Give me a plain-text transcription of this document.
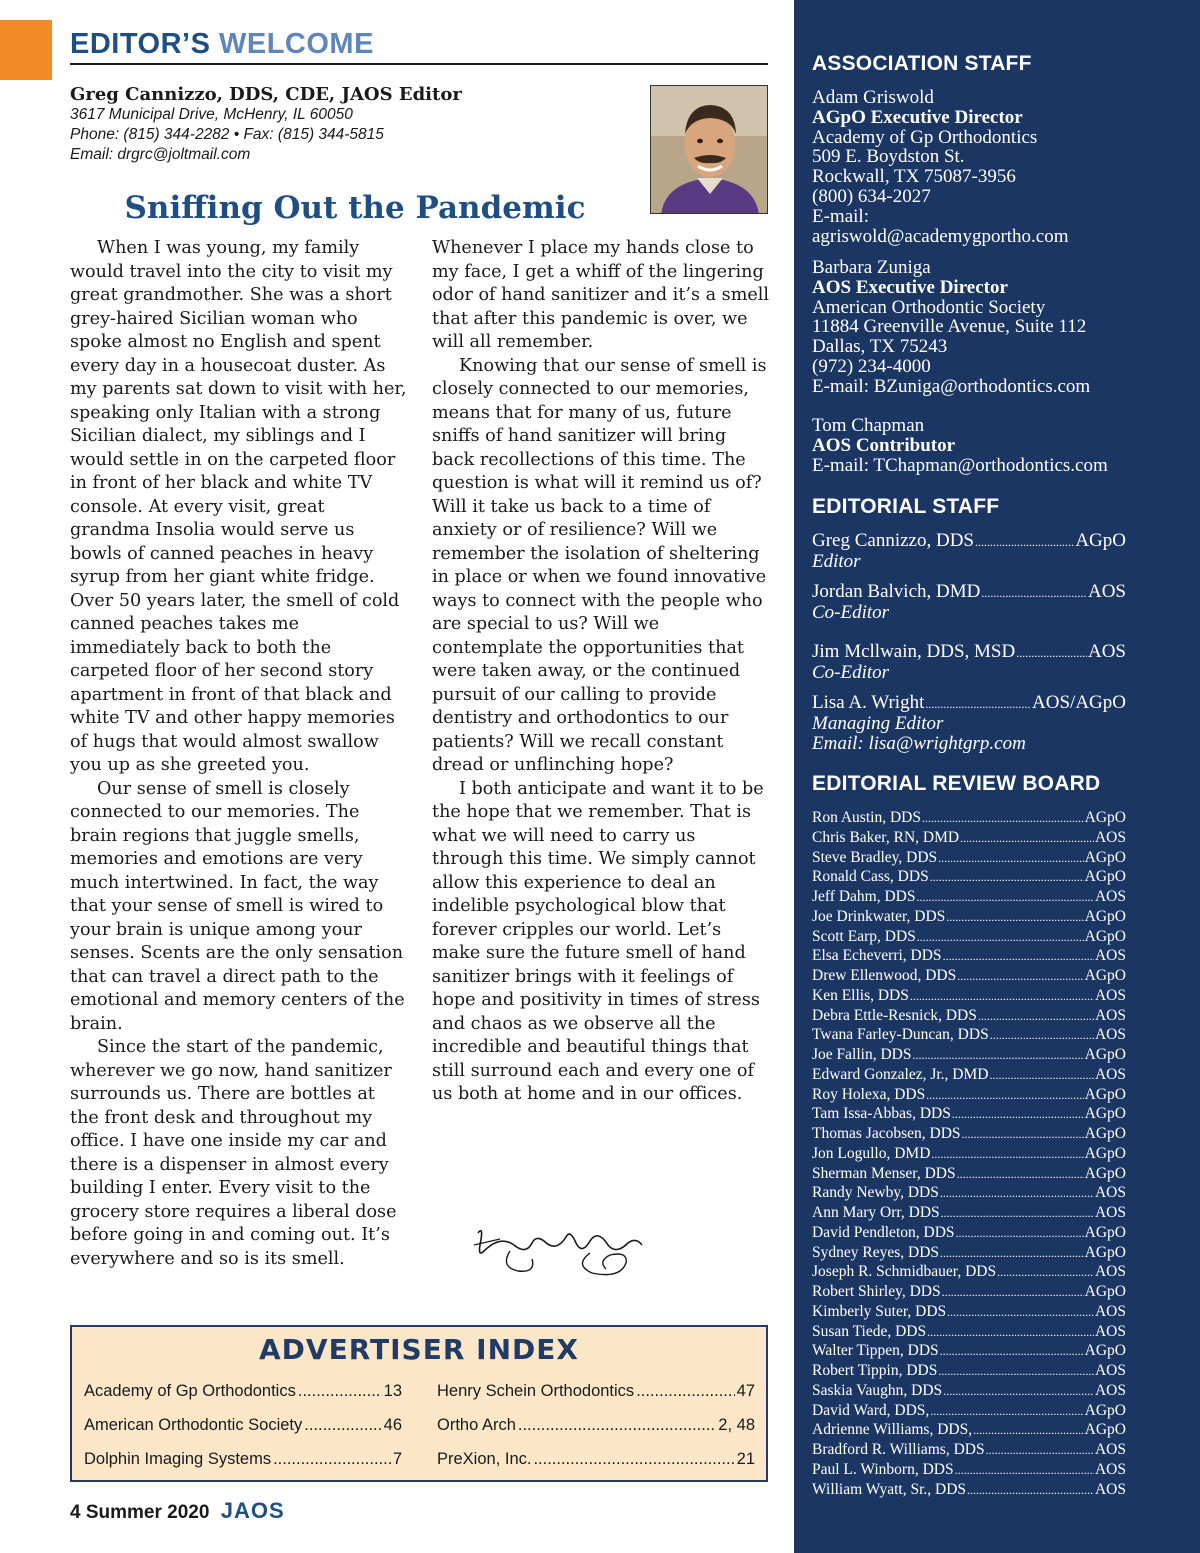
EDITOR’S WELCOME
Greg Cannizzo, DDS, CDE, JAOS Editor
3617 Municipal Drive, McHenry, IL 60050
Phone: (815) 344-2282 • Fax: (815) 344-5815
Email: drgrc@joltmail.com
Sniffing Out the Pandemic

When I was young, my family would travel into the city to visit my great grandmother. She was a short grey-haired Sicilian woman who spoke almost no English and spent every day in a housecoat duster. As my parents sat down to visit with her, speaking only Italian with a strong Sicilian dialect, my siblings and I would settle in on the carpeted floor in front of her black and white TV console. At every visit, great grandma Insolia would serve us bowls of canned peaches in heavy syrup from her giant white fridge. Over 50 years later, the smell of cold canned peaches takes me immediately back to both the carpeted floor of her second story apartment in front of that black and white TV and other happy memories of hugs that would almost swallow you up as she greeted you.

Our sense of smell is closely connected to our memories. The brain regions that juggle smells, memories and emotions are very much intertwined. In fact, the way that your sense of smell is wired to your brain is unique among your senses. Scents are the only sensation that can travel a direct path to the emotional and memory centers of the brain.

Since the start of the pandemic, wherever we go now, hand sanitizer surrounds us. There are bottles at the front desk and throughout my office. I have one inside my car and there is a dispenser in almost every building I enter. Every visit to the grocery store requires a liberal dose before going in and coming out. It’s everywhere and so is its smell.

Whenever I place my hands close to my face, I get a whiff of the lingering odor of hand sanitizer and it’s a smell that after this pandemic is over, we will all remember.

Knowing that our sense of smell is closely connected to our memories, means that for many of us, future sniffs of hand sanitizer will bring back recollections of this time. The question is what will it remind us of? Will it take us back to a time of anxiety or of resilience? Will we remember the isolation of sheltering in place or when we found innovative ways to connect with the people who are special to us? Will we contemplate the opportunities that were taken away, or the continued pursuit of our calling to provide dentistry and orthodontics to our patients? Will we recall constant dread or unflinching hope?

I both anticipate and want it to be the hope that we remember. That is what we will need to carry us through this time. We simply cannot allow this experience to deal an indelible psychological blow that forever cripples our world. Let’s make sure the future smell of hand sanitizer brings with it feelings of hope and positivity in times of stress and chaos as we observe all the incredible and beautiful things that still surround each and every one of us both at home and in our offices.

ADVERTISER INDEX
Academy of Gp Orthodontics .....	13
American Orthodontic Society .....	46
Dolphin Imaging Systems .....	7
Henry Schein Orthodontics .....	47
Ortho Arch .....	2, 48
PreXion, Inc. .....	21
4 Summer 2020 JAOS
ASSOCIATION STAFF
Adam Griswold
AGpO Executive Director
Academy of Gp Orthodontics
509 E. Boydston St.
Rockwall, TX 75087-3956
(800) 634-2027
E-mail:
agriswold@academygportho.com
Barbara Zuniga
AOS Executive Director
American Orthodontic Society
11884 Greenville Avenue, Suite 112
Dallas, TX 75243
(972) 234-4000
E-mail: BZuniga@orthodontics.com
Tom Chapman
AOS Contributor
E-mail: TChapman@orthodontics.com
EDITORIAL STAFF
Greg Cannizzo, DDS .....	AGpO
Editor
Jordan Balvich, DMD .....	AOS
Co-Editor
Jim Mcllwain, DDS, MSD .....	AOS
Co-Editor
Lisa A. Wright .....	AOS/AGpO
Managing Editor
Email: lisa@wrightgrp.com
EDITORIAL REVIEW BOARD
Ron Austin, DDS .....	AGpO
Chris Baker, RN, DMD .....	AOS
Steve Bradley, DDS .....	AGpO
Ronald Cass, DDS .....	AGpO
Jeff Dahm, DDS .....	AOS
Joe Drinkwater, DDS .....	AGpO
Scott Earp, DDS .....	AGpO
Elsa Echeverri, DDS .....	AOS
Drew Ellenwood, DDS .....	AGpO
Ken Ellis, DDS .....	AOS
Debra Ettle-Resnick, DDS .....	AOS
Twana Farley-Duncan, DDS .....	AOS
Joe Fallin, DDS .....	AGpO
Edward Gonzalez, Jr., DMD .....	AOS
Roy Holexa, DDS .....	AGpO
Tam Issa-Abbas, DDS .....	AGpO
Thomas Jacobsen, DDS .....	AGpO
Jon Logullo, DMD .....	AGpO
Sherman Menser, DDS .....	AGpO
Randy Newby, DDS .....	AOS
Ann Mary Orr, DDS .....	AOS
David Pendleton, DDS .....	AGpO
Sydney Reyes, DDS .....	AGpO
Joseph R. Schmidbauer, DDS .....	AOS
Robert Shirley, DDS .....	AGpO
Kimberly Suter, DDS .....	AOS
Susan Tiede, DDS .....	AOS
Walter Tippen, DDS .....	AGpO
Robert Tippin, DDS .....	AOS
Saskia Vaughn, DDS .....	AOS
David Ward, DDS, .....	AGpO
Adrienne Williams, DDS, .....	AGpO
Bradford R. Williams, DDS .....	AOS
Paul L. Winborn, DDS .....	AOS
William Wyatt, Sr., DDS .....	AOS
